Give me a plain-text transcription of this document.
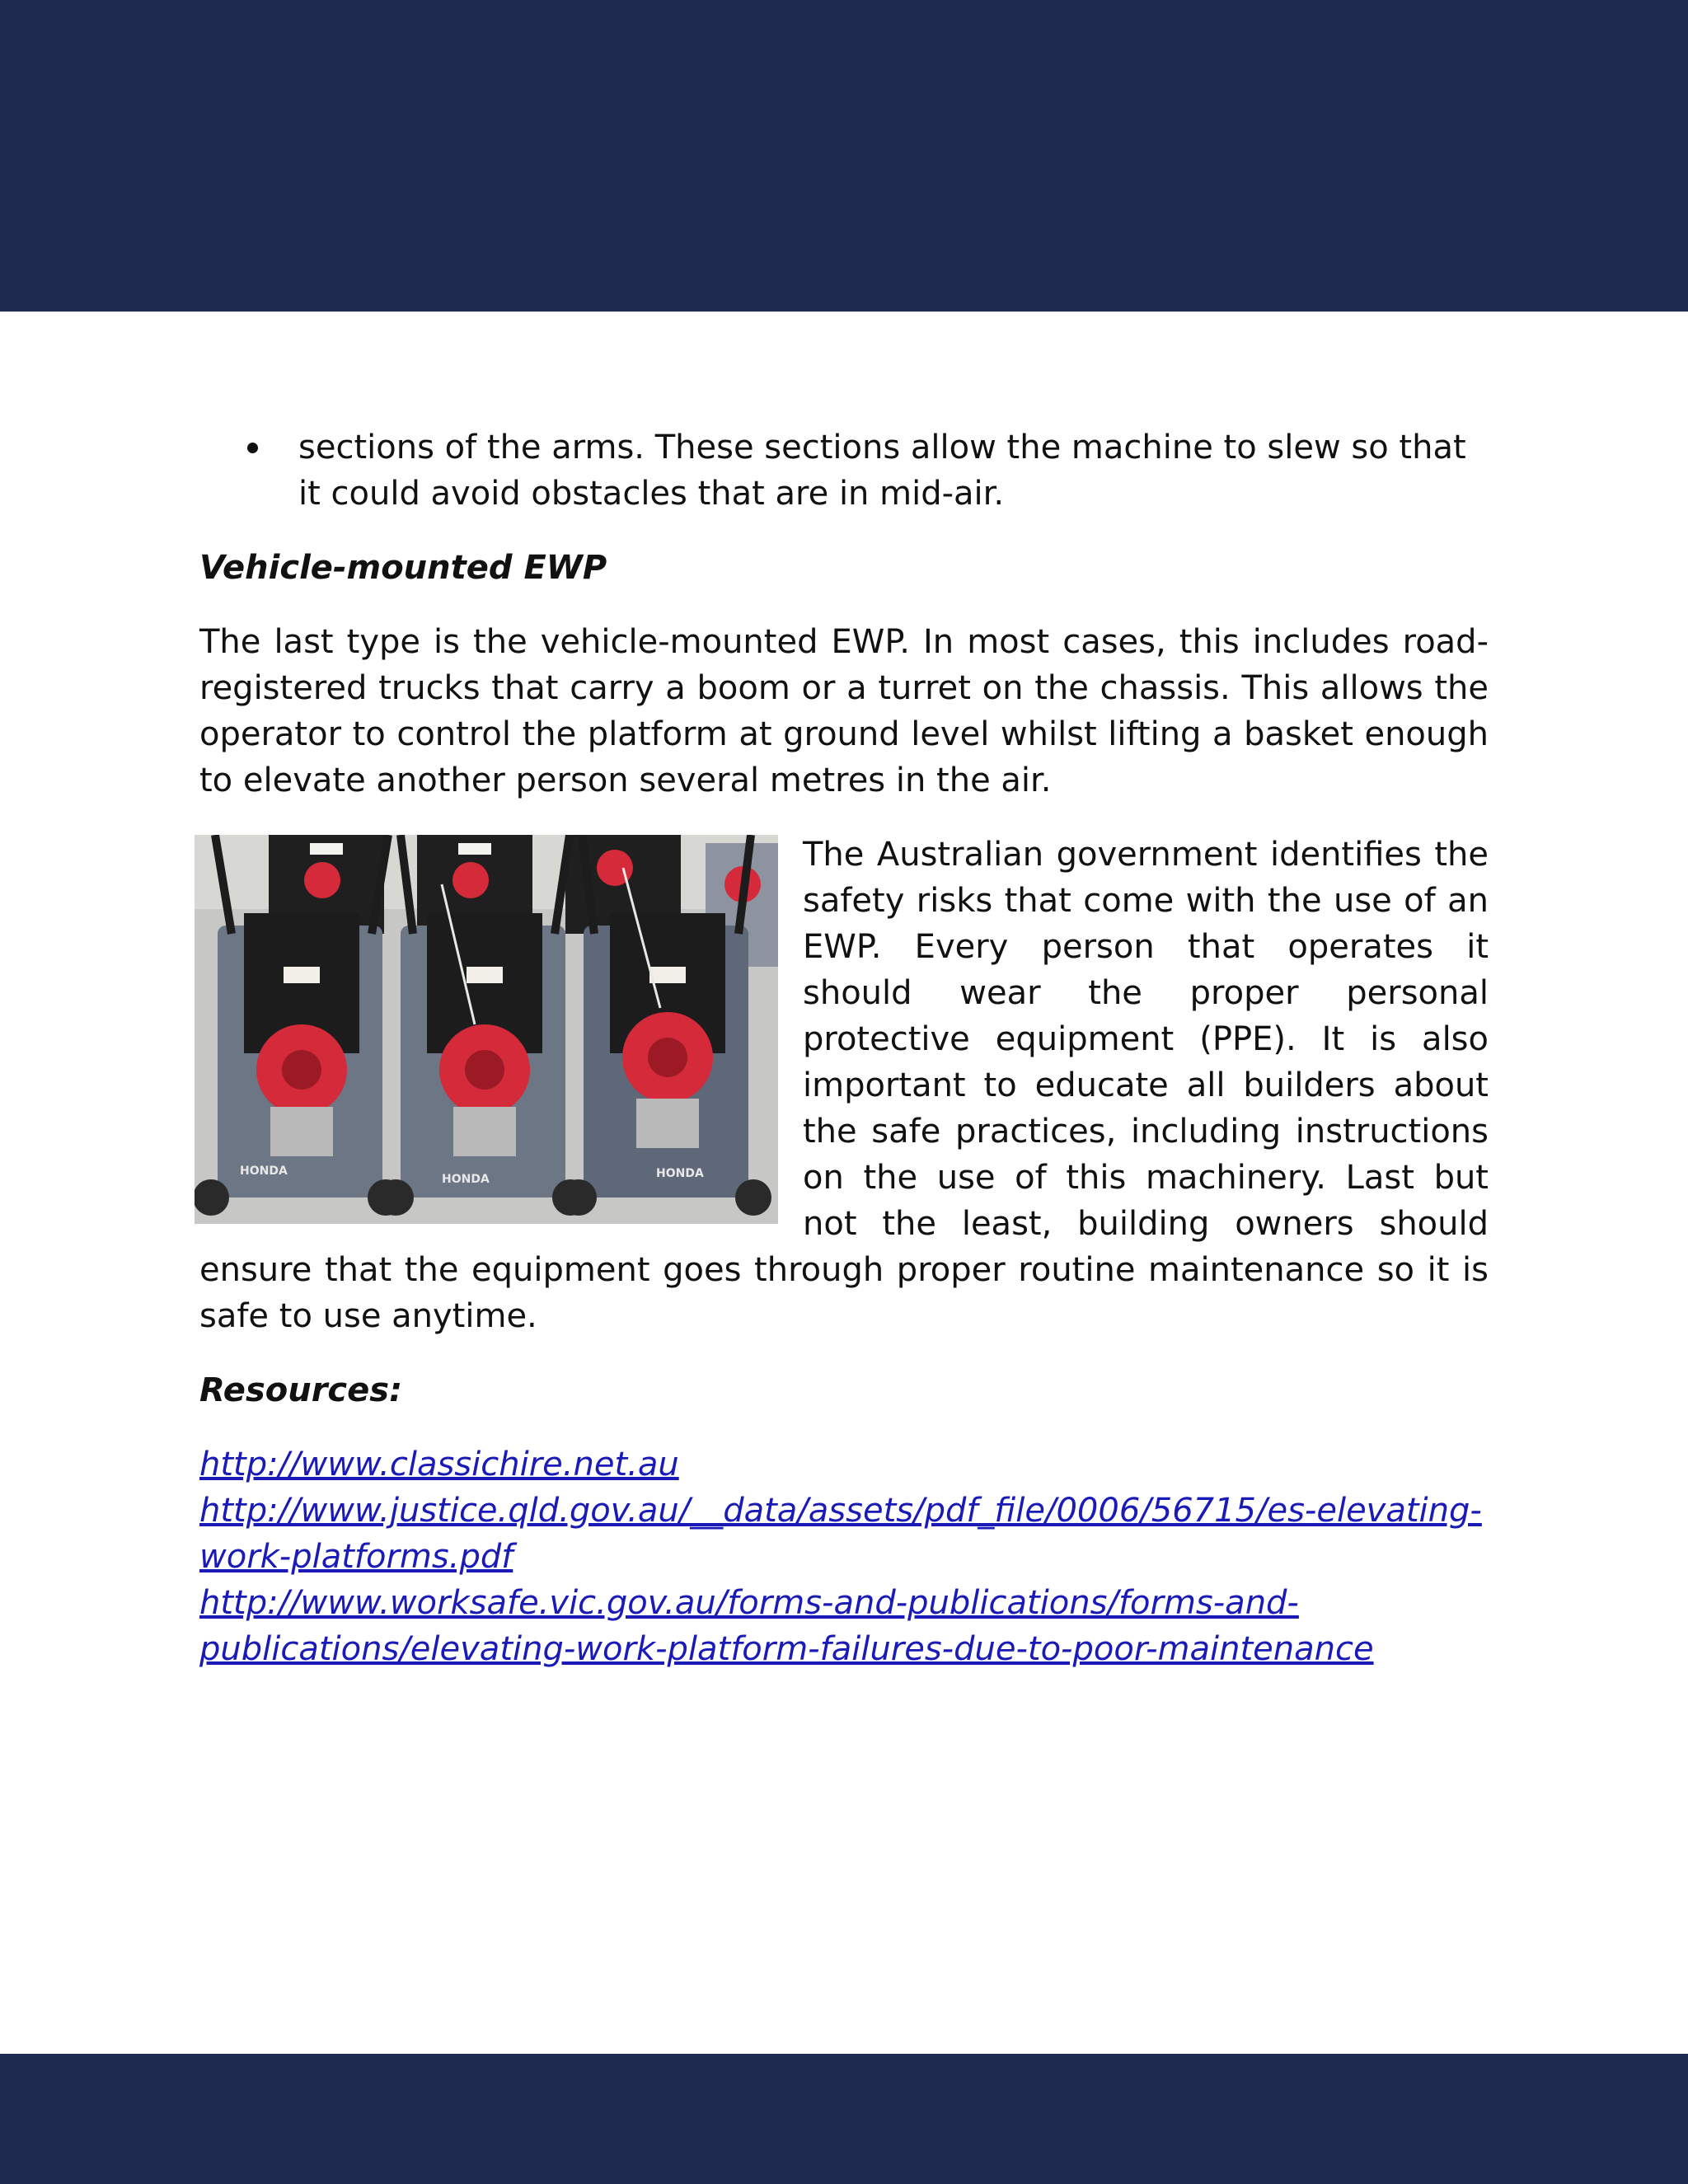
sections of the arms. These sections allow the machine to slew so that it could avoid obstacles that are in mid-air.
Vehicle-mounted EWP

The last type is the vehicle-mounted EWP. In most cases, this includes road-registered trucks that carry a boom or a turret on the chassis. This allows the operator to control the platform at ground level whilst lifting a basket enough to elevate another person several metres in the air.

HONDA
HONDA	HONDA

The Australian government identifies the safety risks that come with the use of an EWP. Every person that operates it should wear the proper personal protective equipment (PPE). It is also important to educate all builders about the safe practices, including instructions on the use of this machinery. Last but not the least, building owners should ensure that the equipment goes through proper routine maintenance so it is safe to use anytime.

Resources:
http://www.classichire.net.au
http://www.justice.qld.gov.au/__data/assets/pdf_file/0006/56715/es-elevating-work-platforms.pdf
http://www.worksafe.vic.gov.au/forms-and-publications/forms-and-publications/elevating-work-platform-failures-due-to-poor-maintenance
